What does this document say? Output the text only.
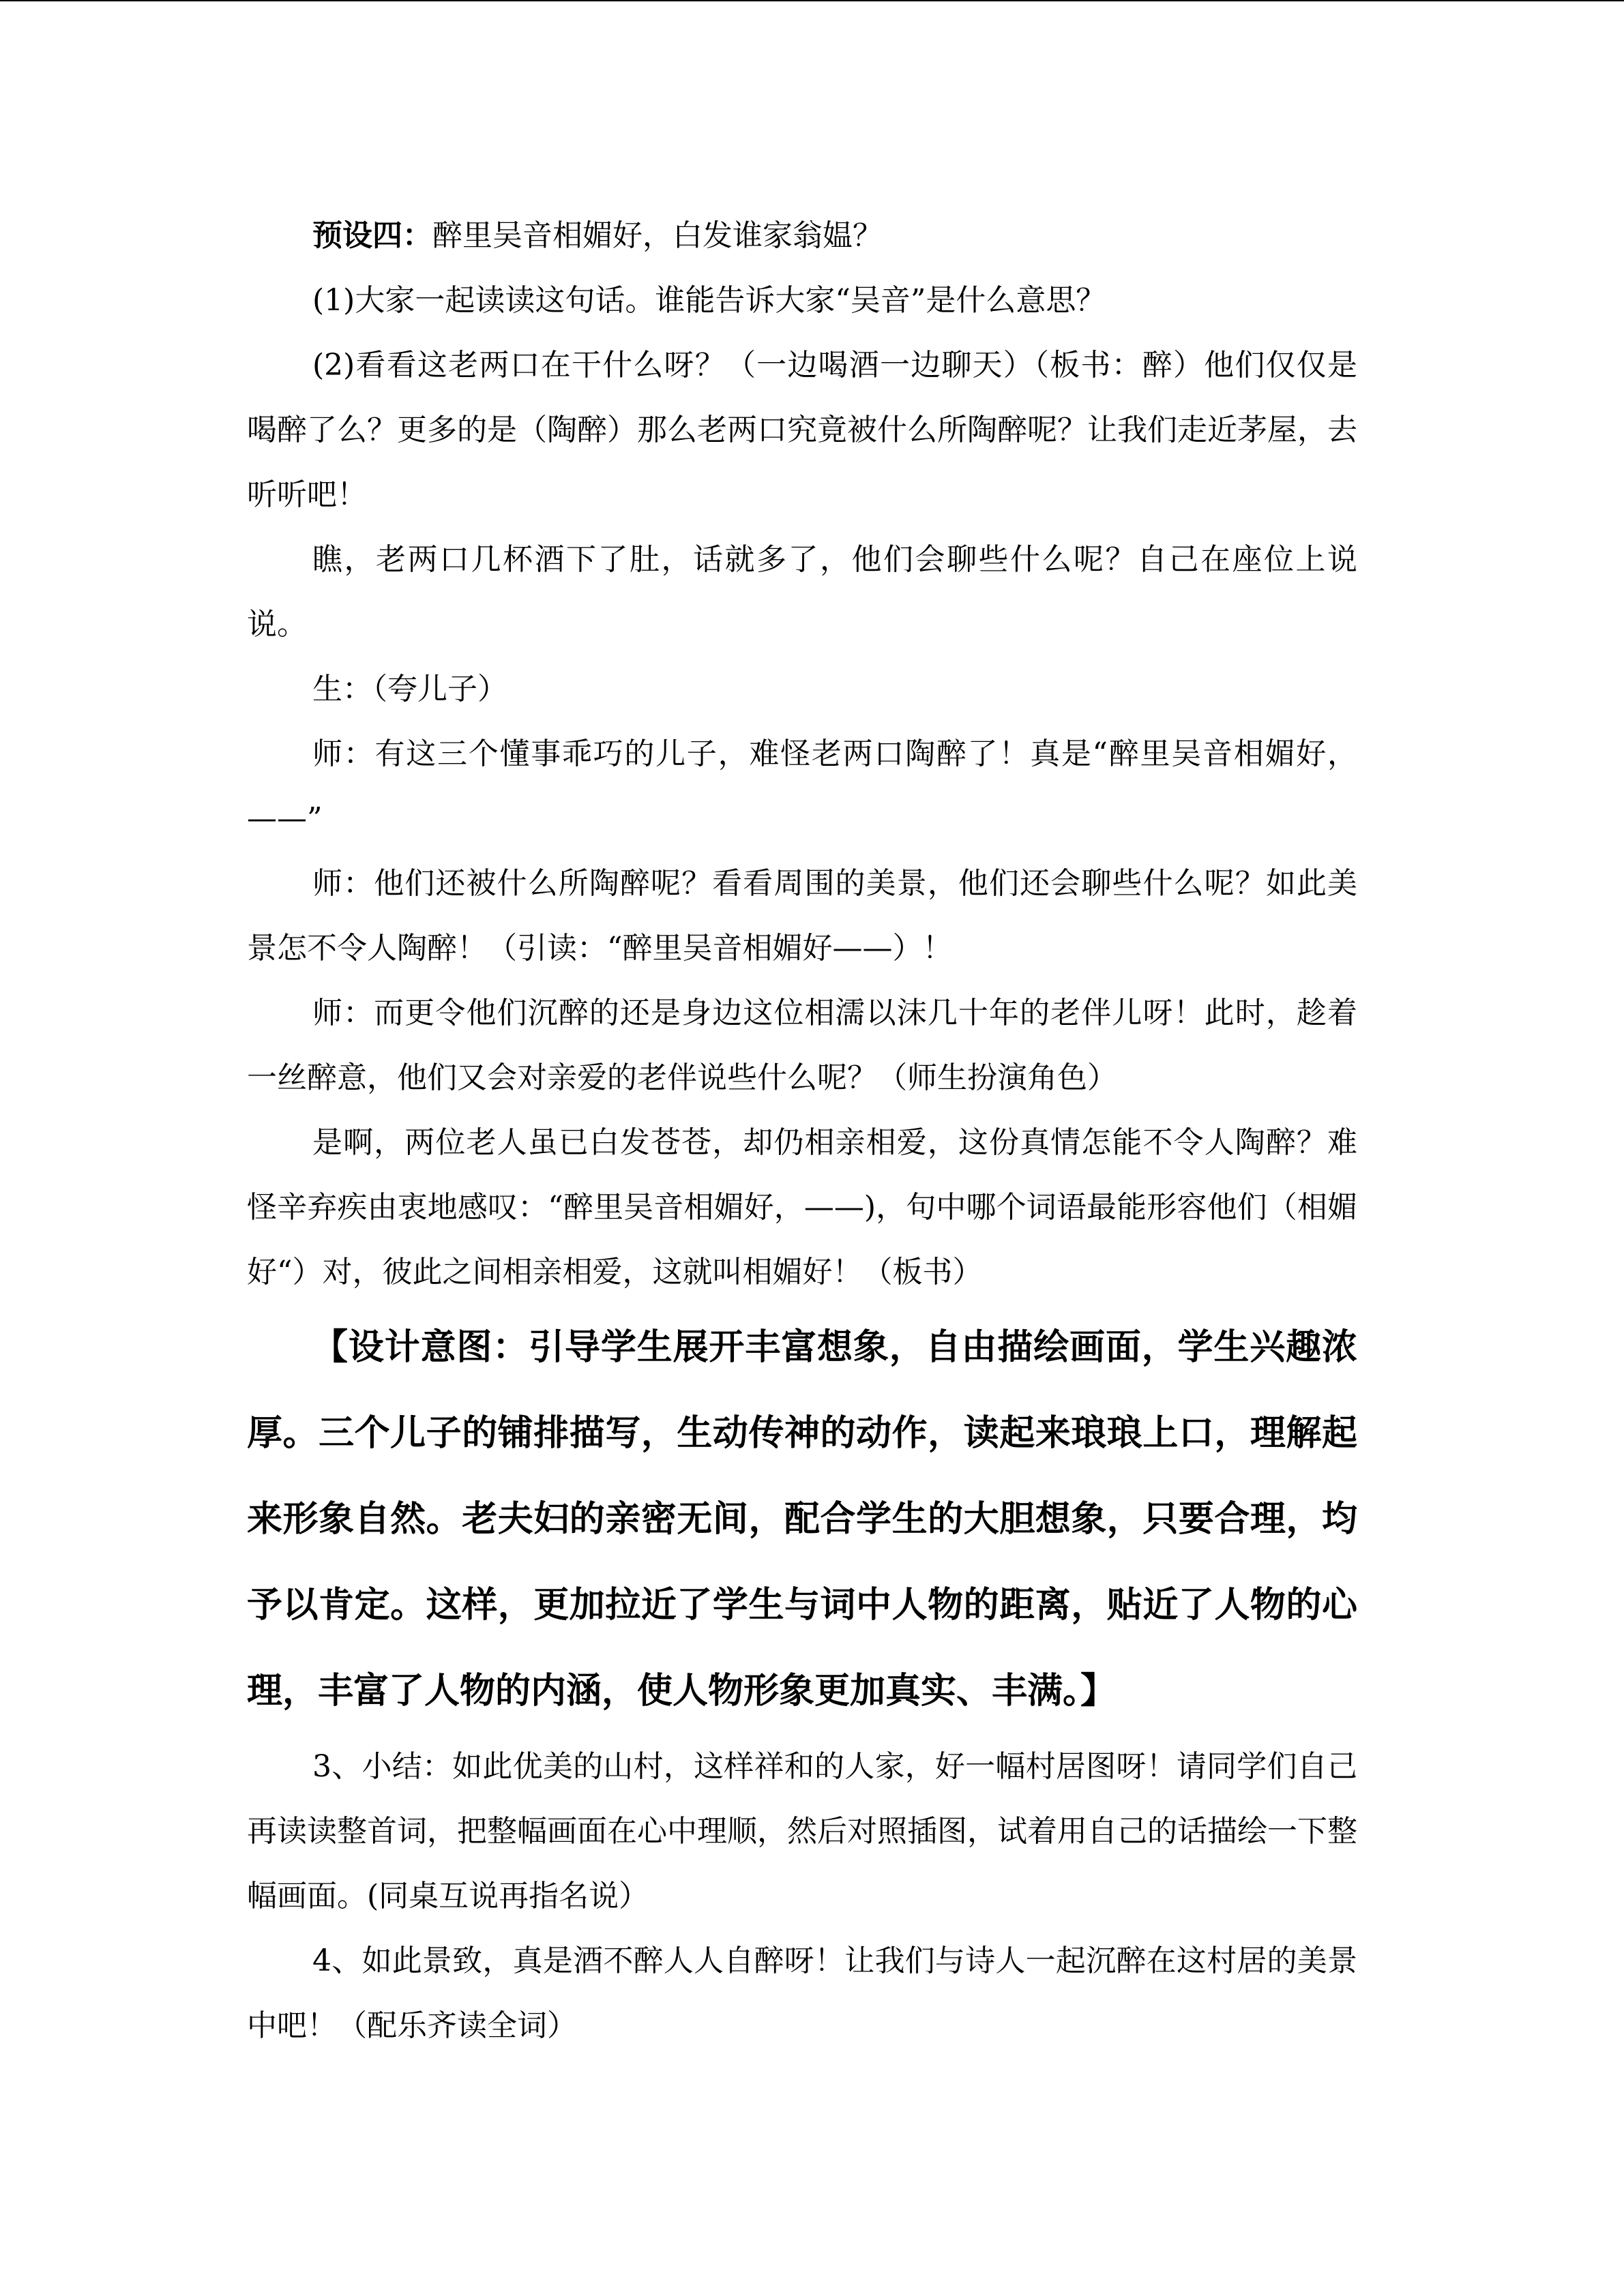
预设四：醉里吴音相媚好，白发谁家翁媪？

(1)大家一起读读这句话。谁能告诉大家“吴音”是什么意思？

(2)看看这老两口在干什么呀？（一边喝酒一边聊天）（板书：醉）他们仅仅是喝醉了么？更多的是（陶醉）那么老两口究竟被什么所陶醉呢？让我们走近茅屋，去听听吧！

瞧，老两口几杯酒下了肚，话就多了，他们会聊些什么呢？自己在座位上说说。

生：（夸儿子）

师：有这三个懂事乖巧的儿子，难怪老两口陶醉了！真是“醉里吴音相媚好，——”

师：他们还被什么所陶醉呢？看看周围的美景，他们还会聊些什么呢？如此美景怎不令人陶醉！（引读：“醉里吴音相媚好——）！

师：而更令他们沉醉的还是身边这位相濡以沫几十年的老伴儿呀！此时，趁着一丝醉意，他们又会对亲爱的老伴说些什么呢？（师生扮演角色）

是啊，两位老人虽已白发苍苍，却仍相亲相爱，这份真情怎能不令人陶醉？难怪辛弃疾由衷地感叹：“醉里吴音相媚好，——)，句中哪个词语最能形容他们（相媚好“）对，彼此之间相亲相爱，这就叫相媚好！（板书）

【设计意图：引导学生展开丰富想象，自由描绘画面，学生兴趣浓厚。三个儿子的铺排描写，生动传神的动作，读起来琅琅上口，理解起来形象自然。老夫妇的亲密无间，配合学生的大胆想象，只要合理，均予以肯定。这样，更加拉近了学生与词中人物的距离，贴近了人物的心理，丰富了人物的内涵，使人物形象更加真实、丰满。】

3、小结：如此优美的山村，这样祥和的人家，好一幅村居图呀！请同学们自己再读读整首词，把整幅画面在心中理顺，然后对照插图，试着用自己的话描绘一下整幅画面。(同桌互说再指名说）

4、如此景致，真是酒不醉人人自醉呀！让我们与诗人一起沉醉在这村居的美景中吧！（配乐齐读全词）
